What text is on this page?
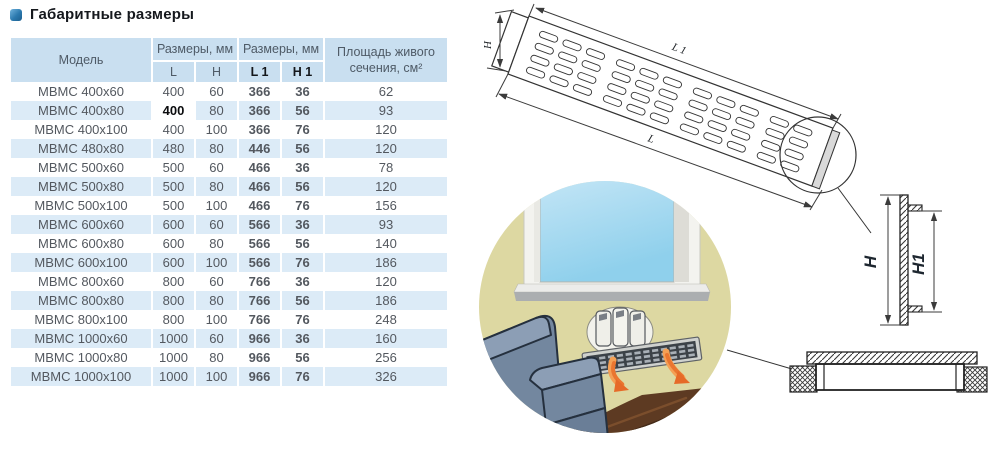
Габаритные размеры
Модель	Размеры, мм		Размеры, мм		Площадь живого сечения, см²
	L	H	L 1	H 1	
МВМС 400x60	400	60	366	36	62
МВМС 400x80	400	80	366	56	93
МВМС 400x100	400	100	366	76	120
МВМС 480x80	480	80	446	56	120
МВМС 500x60	500	60	466	36	78
МВМС 500x80	500	80	466	56	120
МВМС 500x100	500	100	466	76	156
МВМС 600x60	600	60	566	36	93
МВМС 600x80	600	80	566	56	140
МВМС 600x100	600	100	566	76	186
МВМС 800x60	800	60	766	36	120
МВМС 800x80	800	80	766	56	186
МВМС 800x100	800	100	766	76	248
МВМС 1000x60	1000	60	966	36	160
МВМС 1000x80	1000	80	966	56	256
МВМС 1000x100	1000	100	966	76	326
H	L 1
L
H H1
